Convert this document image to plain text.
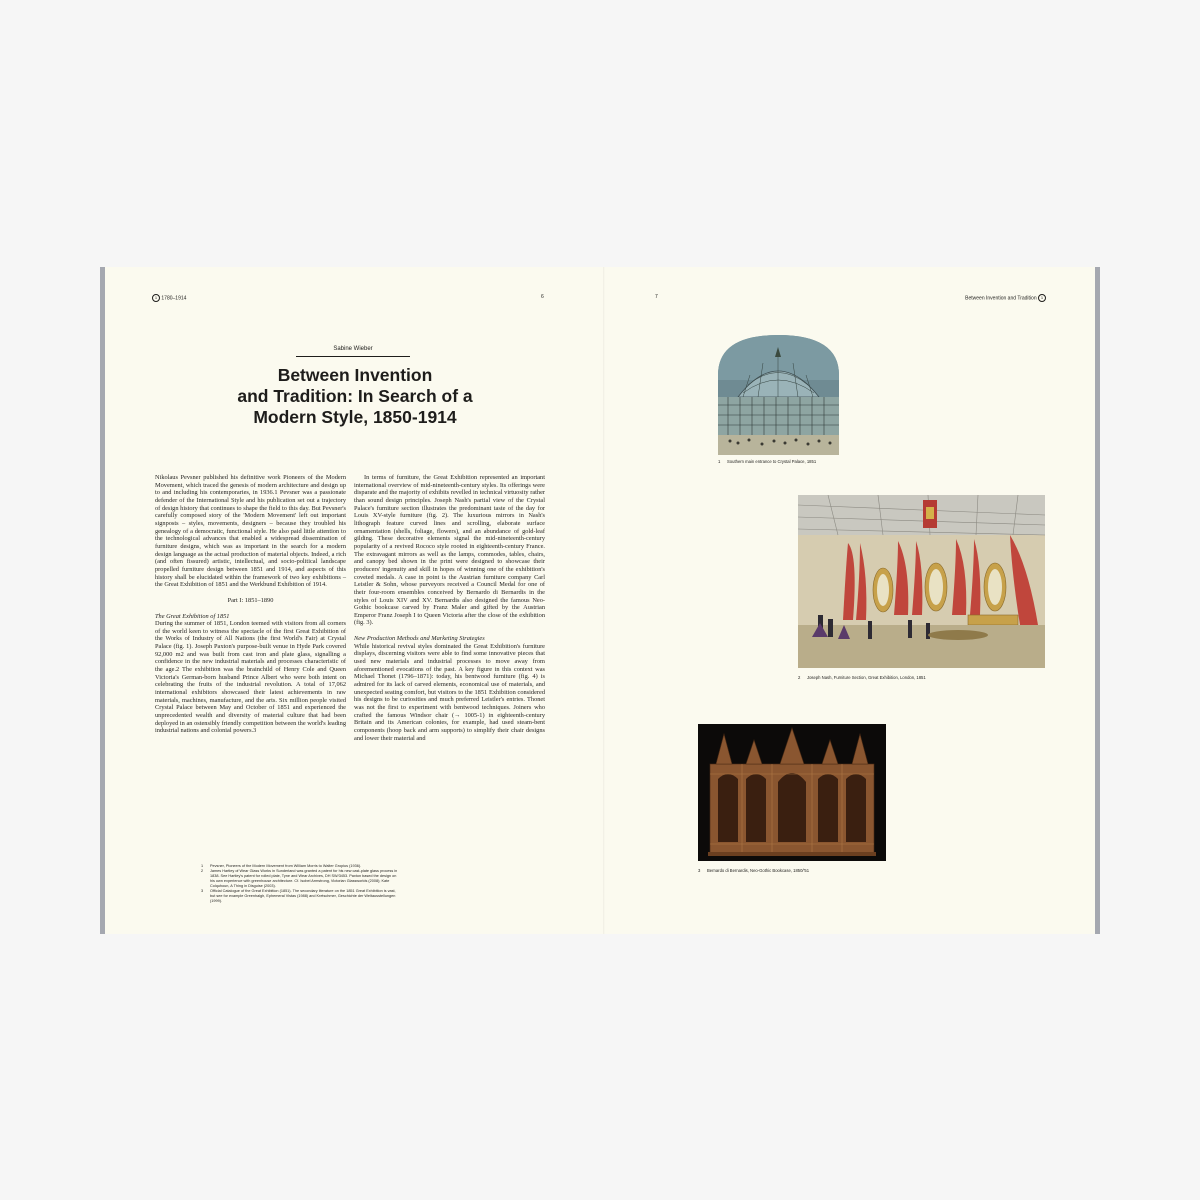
1 1780–1914	6	7	Between Invention and Tradition 1
Sabine Wieber
Between Invention
and Tradition: In Search of a
Modern Style, 1850-1914

Nikolaus Pevsner published his definitive work Pioneers of the Modern Movement, which traced the genesis of modern architecture and design up to and including his contemporaries, in 1936.1 Pevsner was a passionate defender of the International Style and his publication set out a trajectory of design history that continues to shape the field to this day. But Pevsner's carefully composed story of the 'Modern Movement' left out important signposts – styles, movements, designers – because they troubled his genealogy of a democratic, functional style. He also paid little attention to the technological advances that enabled a widespread dissemination of furniture designs, which was as important in the search for a modern design language as the actual production of material objects. Indeed, a rich (and often fissured) artistic, intellectual, and socio-political landscape propelled furniture design between 1851 and 1914, and aspects of this history shall be elucidated within the framework of two key exhibitions – the Great Exhibition of 1851 and the Werkbund Exhibition of 1914.

Part I: 1851–1890

The Great Exhibition of 1851

During the summer of 1851, London teemed with visitors from all corners of the world keen to witness the spectacle of the first Great Exhibition of the Works of Industry of All Nations (the first World's Fair) at Crystal Palace (fig. 1). Joseph Paxton's purpose-built venue in Hyde Park covered 92,000 m2 and was built from cast iron and plate glass, signalling a confidence in the new industrial materials and processes characteristic of the age.2 The exhibition was the brainchild of Henry Cole and Queen Victoria's German-born husband Prince Albert who were both intent on celebrating the fruits of the industrial revolution. A total of 17,062 international exhibitors showcased their latest achievements in raw materials, machines, manufacture, and the arts. Six million people visited Crystal Palace between May and October of 1851 and experienced the unprecedented wealth and diversity of material culture that had been deployed in an ostensibly friendly competition between the world's leading industrial nations and colonial powers.3

In terms of furniture, the Great Exhibition represented an important international overview of mid-nineteenth-century styles. Its offerings were disparate and the majority of exhibits revelled in technical virtuosity rather than sound design principles. Joseph Nash's partial view of the Crystal Palace's furniture section illustrates the predominant taste of the day for Louis XV-style furniture (fig. 2). The luxurious mirrors in Nash's lithograph feature curved lines and scrolling, elaborate surface ornamentation (shells, foliage, flowers), and an abundance of gold-leaf gilding. These decorative elements signal the mid-nineteenth-century popularity of a revived Rococo style rooted in eighteenth-century France. The extravagant mirrors as well as the lamps, commodes, tables, chairs, and canopy bed shown in the print were designed to showcase their producers' ingenuity and skill in hopes of winning one of the exhibition's coveted medals. A case in point is the Austrian furniture company Carl Leistler & Sohn, whose purveyors received a Council Medal for one of their four-room ensembles conceived by Bernardo di Bernardis in the styles of Louis XIV and XV. Bernardis also designed the famous Neo-Gothic bookcase carved by Franz Maler and gifted by the Austrian Emperor Franz Joseph I to Queen Victoria after the close of the exhibition (fig. 3).

New Production Methods and Marketing Strategies

While historical revival styles dominated the Great Exhibition's furniture displays, discerning visitors were able to find some innovative pieces that used new materials and industrial processes to move away from aforementioned evocations of the past. A key figure in this context was Michael Thonet (1796–1871): today, his bentwood furniture (fig. 4) is admired for its lack of carved elements, economical use of materials, and unexpected seating comfort, but visitors to the 1851 Exhibition considered his designs to be curiosities and much preferred Leistler's entries. Thonet was not the first to experiment with bentwood techniques. Joiners who crafted the famous Windsor chair (→ 1005-1) in eighteenth-century Britain and its American colonies, for example, had used steam-bent components (hoop back and arm supports) to simplify their chair designs and lower their material and

1	Pevsner, Pioneers of the Modern Movement from William Morris to Walter Gropius (1936).
2	James Hartley of Wear Glass Works in Sunderland was granted a patent for his new cast-plate glass process in 1838. See Hartley's patent for rolled plate, Tyne and Wear Archives, DH SW/3453. Paxton based the design on his own experience with greenhouse architecture. Cf. Isobel Armstrong, Victorian Glassworlds (2008); Kate Colquhoun, A Thing in Disguise (2003).
3	Official Catalogue of the Great Exhibition (1851). The secondary literature on the 1851 Great Exhibition is vast, but see for example Greenhalgh, Ephemeral Vistas (1988) and Kretschmer, Geschichte der Weltausstellungen (1999).
1 Southern main entrance to Crystal Palace, 1851
2 Joseph Nash, Furniture Section, Great Exhibition, London, 1851
3 Bernardo di Bernardis, Neo-Gothic Bookcase, 1850/'51
